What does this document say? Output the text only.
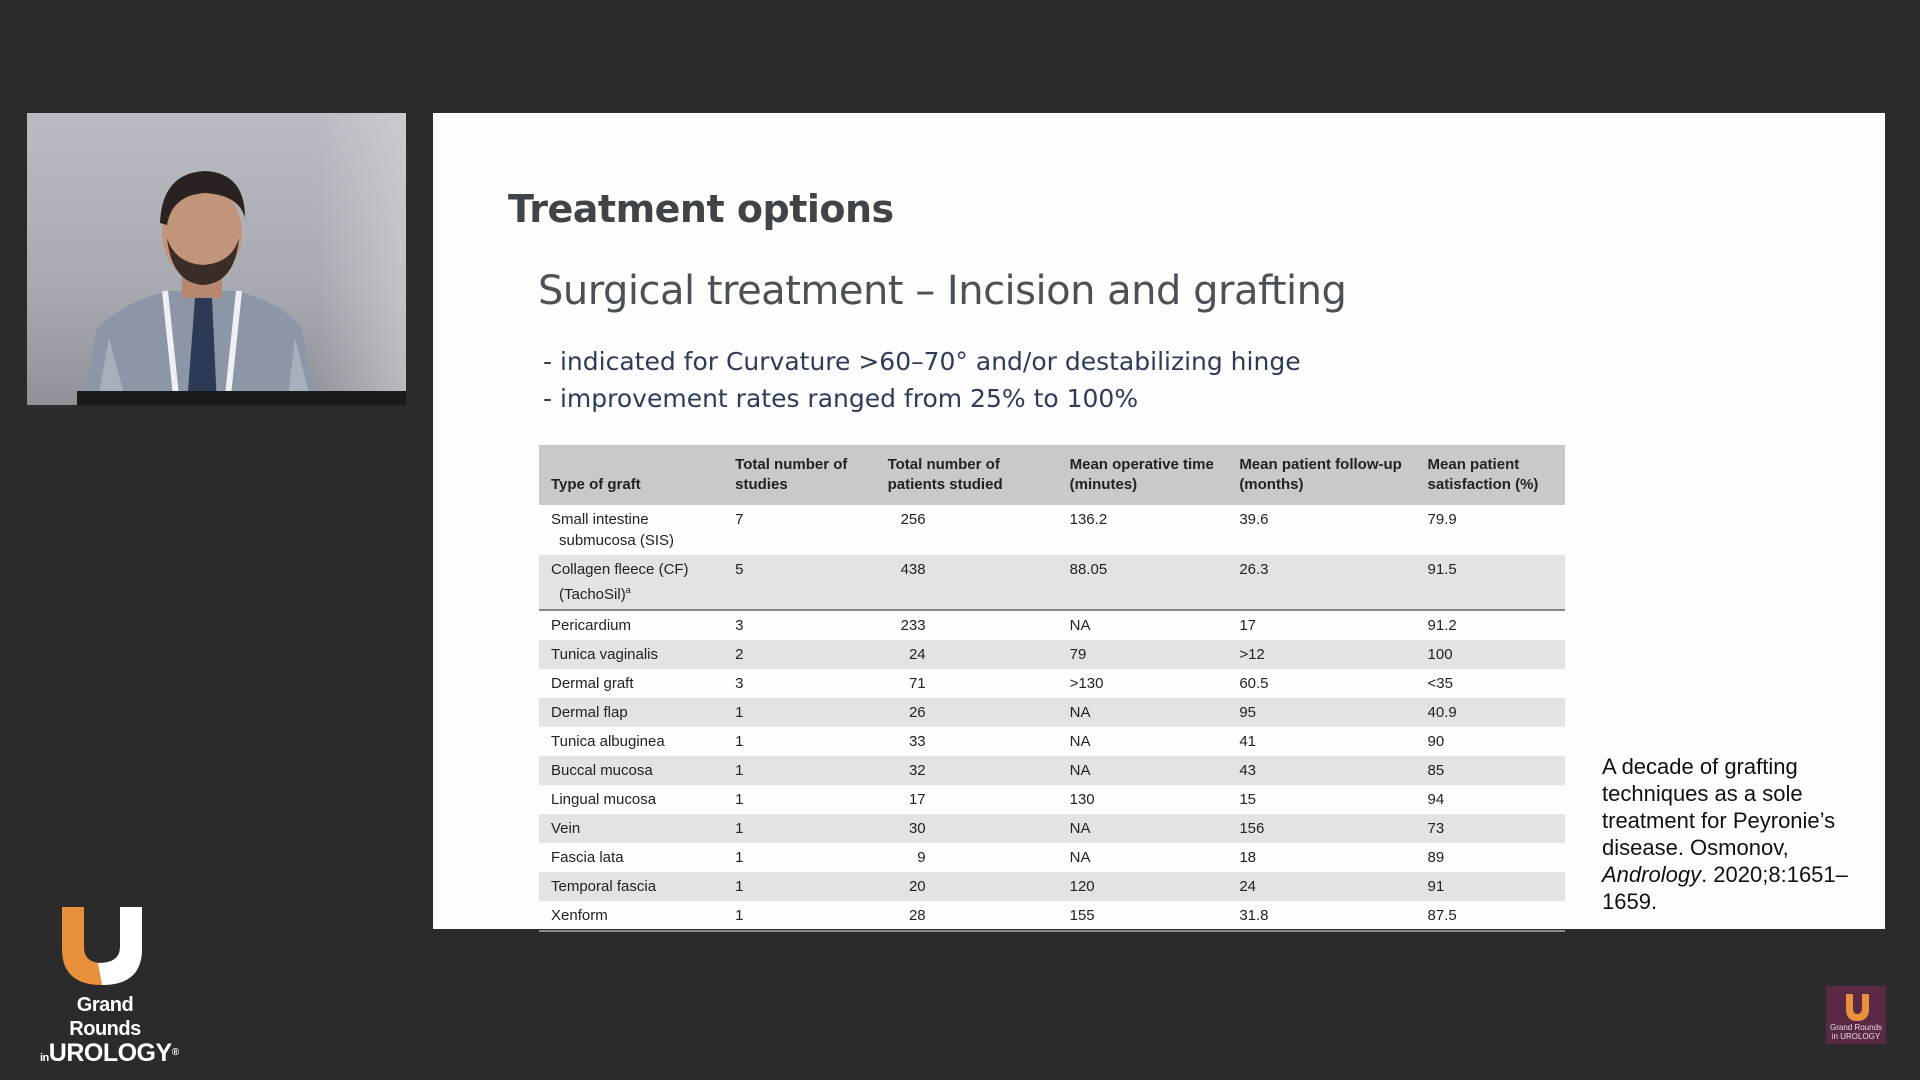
Treatment options
Surgical treatment – Incision and grafting
- indicated for Curvature >60–70° and/or destabilizing hinge
- improvement rates ranged from 25% to 100%
Type of graft	Total number of studies	Total number of patients studied	Mean operative time (minutes)	Mean patient follow-up (months)	Mean patient satisfaction (%)
Small intestine
submucosa (SIS)	7	256	136.2	39.6	79.9
Collagen fleece (CF)
(TachoSil)$^a$	5	438	88.05	26.3	91.5
Pericardium	3	233	NA	17	91.2
Tunica vaginalis	2	24	79	>12	100
Dermal graft	3	71	>130	60.5	<35
Dermal flap	1	26	NA	95	40.9
Tunica albuginea	1	33	NA	41	90
Buccal mucosa	1	32	NA	43	85
Lingual mucosa	1	17	130	15	94
Vein	1	30	NA	156	73
Fascia lata	1	9	NA	18	89
Temporal fascia	1	20	120	24	91
Xenform	1	28	155	31.8	87.5
A decade of grafting techniques as a sole treatment for Peyronie’s disease. Osmonov, Andrology. 2020;8:1651–1659.
Grand Rounds
inUROLOGY®
Grand Rounds
in UROLOGY
